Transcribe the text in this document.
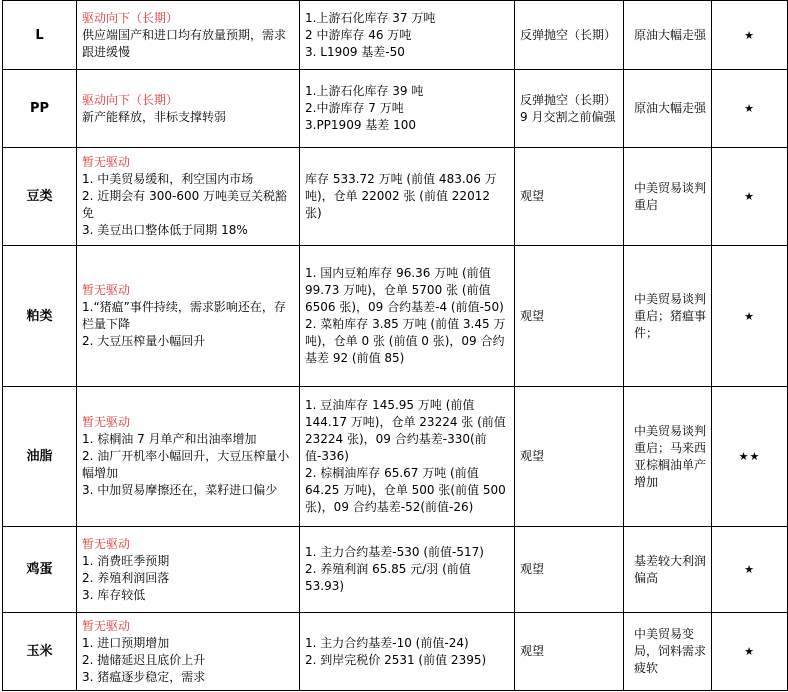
L	驱动向下（长期）
供应端国产和进口均有放量预期，需求跟进缓慢	1.上游石化库存 37 万吨
2 中游库存 46 万吨
3. L1909 基差-50	反弹抛空（长期）	原油大幅走强	★
PP	驱动向下（长期）
新产能释放，非标支撑转弱	1.上游石化库存 39 吨
2.中游库存 7 万吨
3.PP1909 基差 100	反弹抛空（长期）
9 月交割之前偏强	原油大幅走强	★
豆类	暂无驱动
1. 中美贸易缓和，利空国内市场
2. 近期会有 300-600 万吨美豆关税豁免
3. 美豆出口整体低于同期 18%	库存 533.72 万吨 (前值 483.06 万吨)，仓单 22002 张 (前值 22012 张)	观望	中美贸易谈判重启	★
粕类	暂无驱动
1.“猪瘟”事件持续，需求影响还在，存栏量下降
2. 大豆压榨量小幅回升	1. 国内豆粕库存 96.36 万吨 (前值 99.73 万吨)，仓单 5700 张 (前值 6506 张)，09 合约基差-4 (前值-50)
2. 菜粕库存 3.85 万吨 (前值 3.45 万吨)，仓单 0 张 (前值 0 张)，09 合约基差 92 (前值 85)	观望	中美贸易谈判重启；猪瘟事件；	★
油脂	暂无驱动
1. 棕榈油 7 月单产和出油率增加
2. 油厂开机率小幅回升，大豆压榨量小幅增加
3. 中加贸易摩擦还在，菜籽进口偏少	1. 豆油库存 145.95 万吨 (前值 144.17 万吨)，仓单 23224 张 (前值 23224 张)，09 合约基差-330(前值-336)
2. 棕榈油库存 65.67 万吨 (前值 64.25 万吨)，仓单 500 张(前值 500 张)，09 合约基差-52(前值-26)	观望	中美贸易谈判重启；马来西亚棕榈油单产增加	★★
鸡蛋	暂无驱动
1. 消费旺季预期
2. 养殖利润回落
3. 库存较低	1. 主力合约基差-530 (前值-517)
2. 养殖利润 65.85 元/羽 (前值 53.93)	观望	基差较大利润偏高	★
玉米	暂无驱动
1. 进口预期增加
2. 抛储延迟且底价上升
3. 猪瘟逐步稳定，需求	1. 主力合约基差-10 (前值-24)
2. 到岸完税价 2531 (前值 2395)	观望	中美贸易变局，饲料需求疲软	★
